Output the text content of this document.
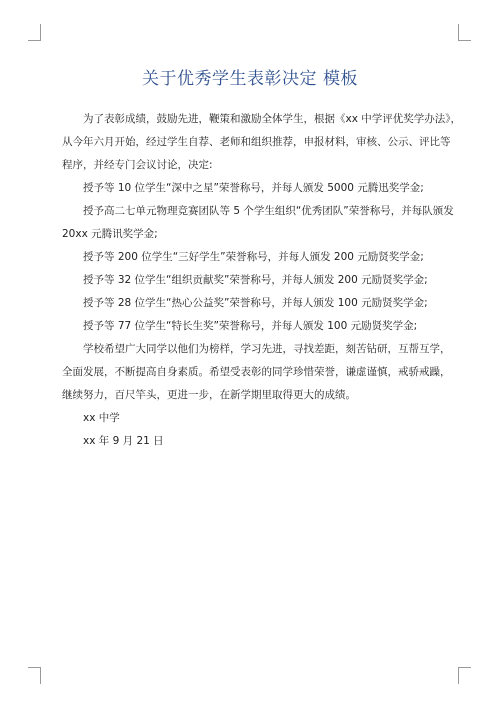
关于优秀学生表彰决定 模板

为了表彰成绩，鼓励先进，鞭策和激励全体学生，根据《xx 中学评优奖学办法》，

从今年六月开始，经过学生自荐、老师和组织推荐，申报材料，审核、公示、评比等

程序，并经专门会议讨论，决定:

授予等 10 位学生“深中之星”荣誉称号，并每人颁发 5000 元腾迅奖学金;

授予高二七单元物理竞赛团队等 5 个学生组织“优秀团队”荣誉称号，并每队颁发

20xx 元腾讯奖学金;

授予等 200 位学生“三好学生”荣誉称号，并每人颁发 200 元励贤奖学金;

授予等 32 位学生“组织贡献奖”荣誉称号，并每人颁发 200 元励贤奖学金;

授予等 28 位学生“热心公益奖”荣誉称号，并每人颁发 100 元励贤奖学金;

授予等 77 位学生“特长生奖”荣誉称号，并每人颁发 100 元励贤奖学金;

学校希望广大同学以他们为榜样，学习先进，寻找差距，刻苦钻研，互帮互学，

全面发展，不断提高自身素质。希望受表彰的同学珍惜荣誉，谦虚谨慎，戒骄戒躁，

继续努力，百尺竿头，更进一步，在新学期里取得更大的成绩。

xx 中学

xx 年 9 月 21 日
